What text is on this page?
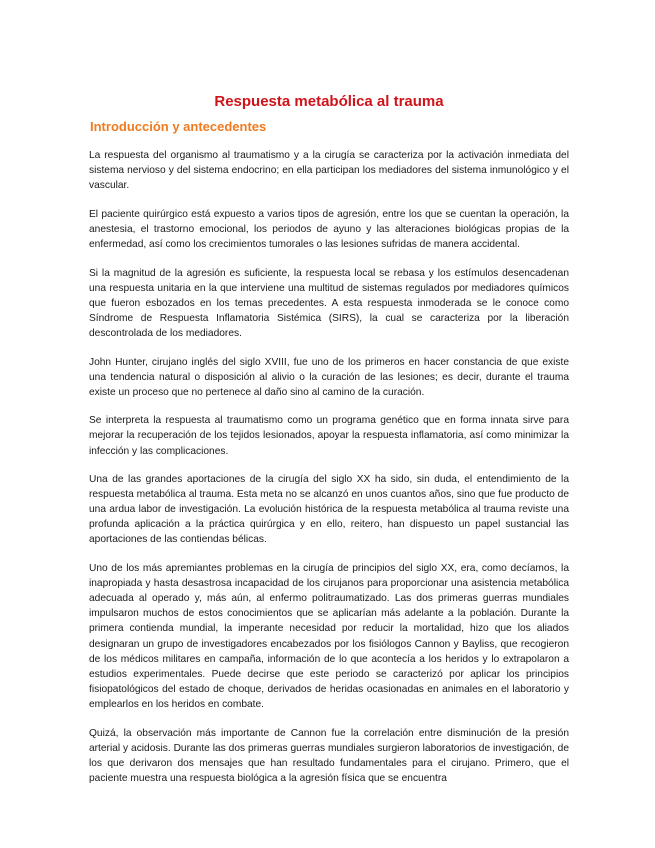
Respuesta metabólica al trauma
Introducción y antecedentes

La respuesta del organismo al traumatismo y a la cirugía se caracteriza por la activación inmediata del sistema nervioso y del sistema endocrino; en ella participan los mediadores del sistema inmunológico y el vascular.

El paciente quirúrgico está expuesto a varios tipos de agresión, entre los que se cuentan la operación, la anestesia, el trastorno emocional, los periodos de ayuno y las alteraciones biológicas propias de la enfermedad, así como los crecimientos tumorales o las lesiones sufridas de manera accidental.

Si la magnitud de la agresión es suficiente, la respuesta local se rebasa y los estímulos desencadenan una respuesta unitaria en la que interviene una multitud de sistemas regulados por mediadores químicos que fueron esbozados en los temas precedentes. A esta respuesta inmoderada se le conoce como Síndrome de Respuesta Inflamatoria Sistémica (SIRS), la cual se caracteriza por la liberación descontrolada de los mediadores.

John Hunter, cirujano inglés del siglo XVIII, fue uno de los primeros en hacer constancia de que existe una tendencia natural o disposición al alivio o la curación de las lesiones; es decir, durante el trauma existe un proceso que no pertenece al daño sino al camino de la curación.

Se interpreta la respuesta al traumatismo como un programa genético que en forma innata sirve para mejorar la recuperación de los tejidos lesionados, apoyar la respuesta inflamatoria, así como minimizar la infección y las complicaciones.

Una de las grandes aportaciones de la cirugía del siglo XX ha sido, sin duda, el entendimiento de la respuesta metabólica al trauma. Esta meta no se alcanzó en unos cuantos años, sino que fue producto de una ardua labor de investigación. La evolución histórica de la respuesta metabólica al trauma reviste una profunda aplicación a la práctica quirúrgica y en ello, reitero, han dispuesto un papel sustancial las aportaciones de las contiendas bélicas.

Uno de los más apremiantes problemas en la cirugía de principios del siglo XX, era, como decíamos, la inapropiada y hasta desastrosa incapacidad de los cirujanos para proporcionar una asistencia metabólica adecuada al operado y, más aún, al enfermo politraumatizado. Las dos primeras guerras mundiales impulsaron muchos de estos conocimientos que se aplicarían más adelante a la población. Durante la primera contienda mundial, la imperante necesidad por reducir la mortalidad, hizo que los aliados designaran un grupo de investigadores encabezados por los fisiólogos Cannon y Bayliss, que recogieron de los médicos militares en campaña, información de lo que acontecía a los heridos y lo extrapolaron a estudios experimentales. Puede decirse que este periodo se caracterizó por aplicar los principios fisiopatológicos del estado de choque, derivados de heridas ocasionadas en animales en el laboratorio y emplearlos en los heridos en combate.

Quizá, la observación más importante de Cannon fue la correlación entre disminución de la presión arterial y acidosis. Durante las dos primeras guerras mundiales surgieron laboratorios de investigación, de los que derivaron dos mensajes que han resultado fundamentales para el cirujano. Primero, que el paciente muestra una respuesta biológica a la agresión física que se encuentra
